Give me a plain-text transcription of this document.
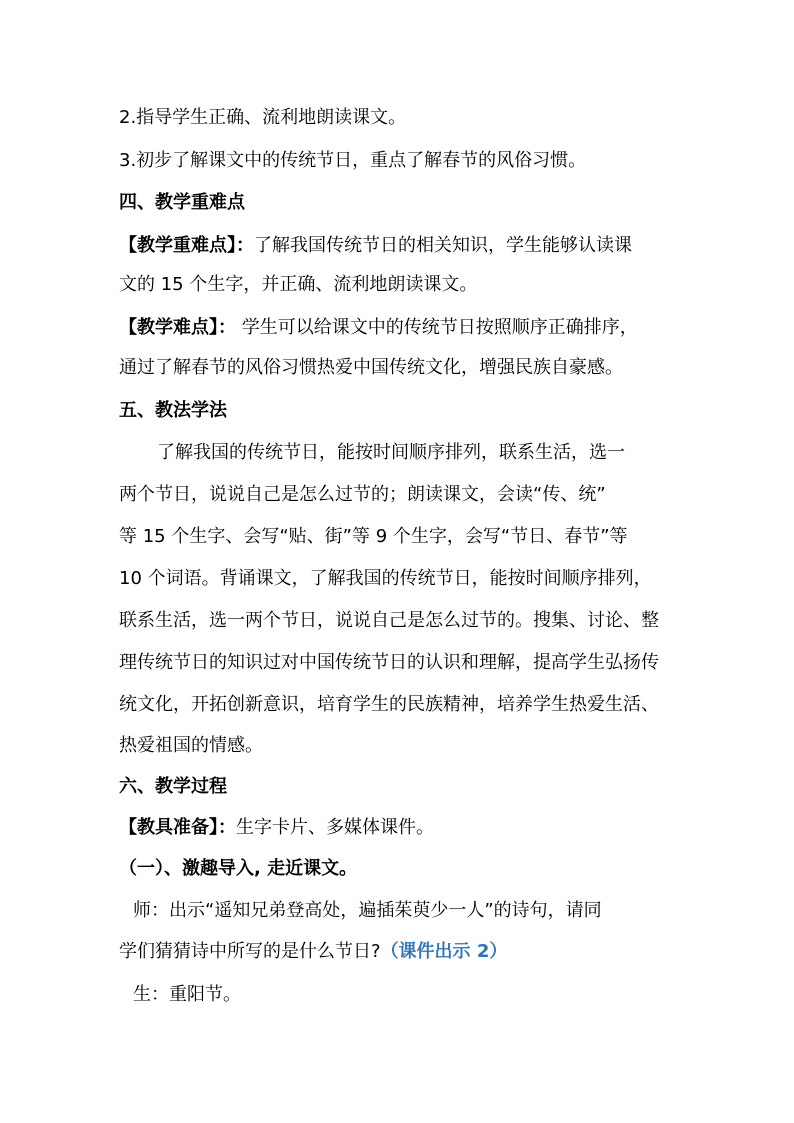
2.指导学生正确、流利地朗读课文。
3.初步了解课文中的传统节日，重点了解春节的风俗习惯。
四、教学重难点
【教学重难点】：了解我国传统节日的相关知识，学生能够认读课
文的 15 个生字，并正确、流利地朗读课文。
【教学难点】： 学生可以给课文中的传统节日按照顺序正确排序，
通过了解春节的风俗习惯热爱中国传统文化，增强民族自豪感。
五、教法学法
了解我国的传统节日，能按时间顺序排列，联系生活，选一
两个节日，说说自己是怎么过节的；朗读课文，会读“传、统”
等 15 个生字、会写“贴、街”等 9 个生字，会写“节日、春节”等
10 个词语。背诵课文，了解我国的传统节日，能按时间顺序排列，
联系生活，选一两个节日，说说自己是怎么过节的。搜集、讨论、整
理传统节日的知识过对中国传统节日的认识和理解，提高学生弘扬传
统文化，开拓创新意识，培育学生的民族精神，培养学生热爱生活、
热爱祖国的情感。
六、教学过程
【教具准备】：生字卡片、多媒体课件。
（一）、激趣导入, 走近课文。
师：出示“遥知兄弟登高处，遍插茱萸少一人”的诗句，请同
学们猜猜诗中所写的是什么节日?（课件出示 2）
生：重阳节。
